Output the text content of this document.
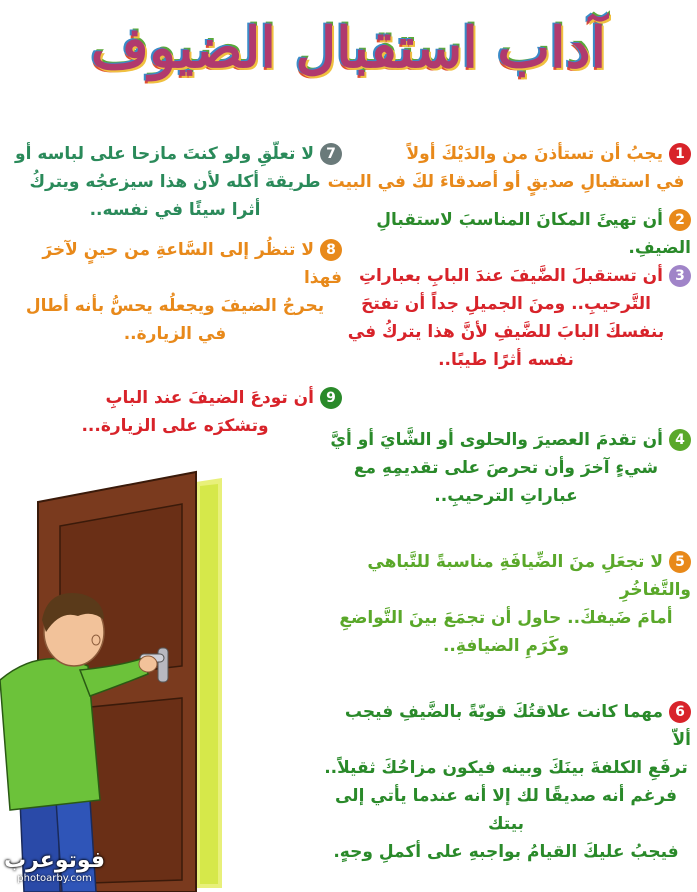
آداب استقبال الضيوف
1يجبُ أن تستأذنَ من والدَيْكَ أولاً
في استقبالِ صديقٍ أو أصدقاءَ لكَ في البيت
2أن تهيئَ المكانَ المناسبَ لاستقبالِ الضيفِ.
3أن تستقبلَ الضَّيفَ عندَ البابِ بعباراتِ
التَّرحيبِ.. ومنَ الجميلِ جداً أن تفتحَ
بنفسكَ البابَ للضَّيفِ لأنَّ هذا يتركُ في
نفسه أثرًا طيبًا..
4أن تقدمَ العصيرَ والحلوى أو الشَّايَ أو أيَّ
شيءٍ آخرَ وأن تحرصَ على تقديمِهِ مع
عباراتِ الترحيبِ..
5لا تجعَلِ منَ الضِّيافَةِ مناسبةً للتَّباهي والتَّفاخُرِ
أمامَ ضَيفكَ.. حاول أن تجمَعَ بينَ التَّواضعِ
وكَرَمِ الضيافةِ..
6مهما كانت علاقتُكَ قويّةً بالضَّيفِ فيجب ألاّ
ترفَعِ الكلفةَ بينَكَ وبينه فيكون مزاحُكَ ثقيلاً..
فرغم أنه صديقًا لك إلا أنه عندما يأتي إلى بيتك
فيجبُ عليكَ القيامُ بواجبهِ على أكملِ وجهٍ.
7لا تعلّقِ ولو كنتَ مازحا على لباسه أو
طريقة أكله لأن هذا سيزعجُه ويتركُ
أثرا سيئًا في نفسه..
8لا تنظُر إلى السَّاعةِ من حينٍ لآخرَ فهذا
يحرجُ الضيفَ ويجعلُه يحسُّ بأنه أطال
في الزيارة..
9أن تودعَ الضيفَ عند البابِ
وتشكرَه على الزيارة...
فوتوعرب
photoarby.com
